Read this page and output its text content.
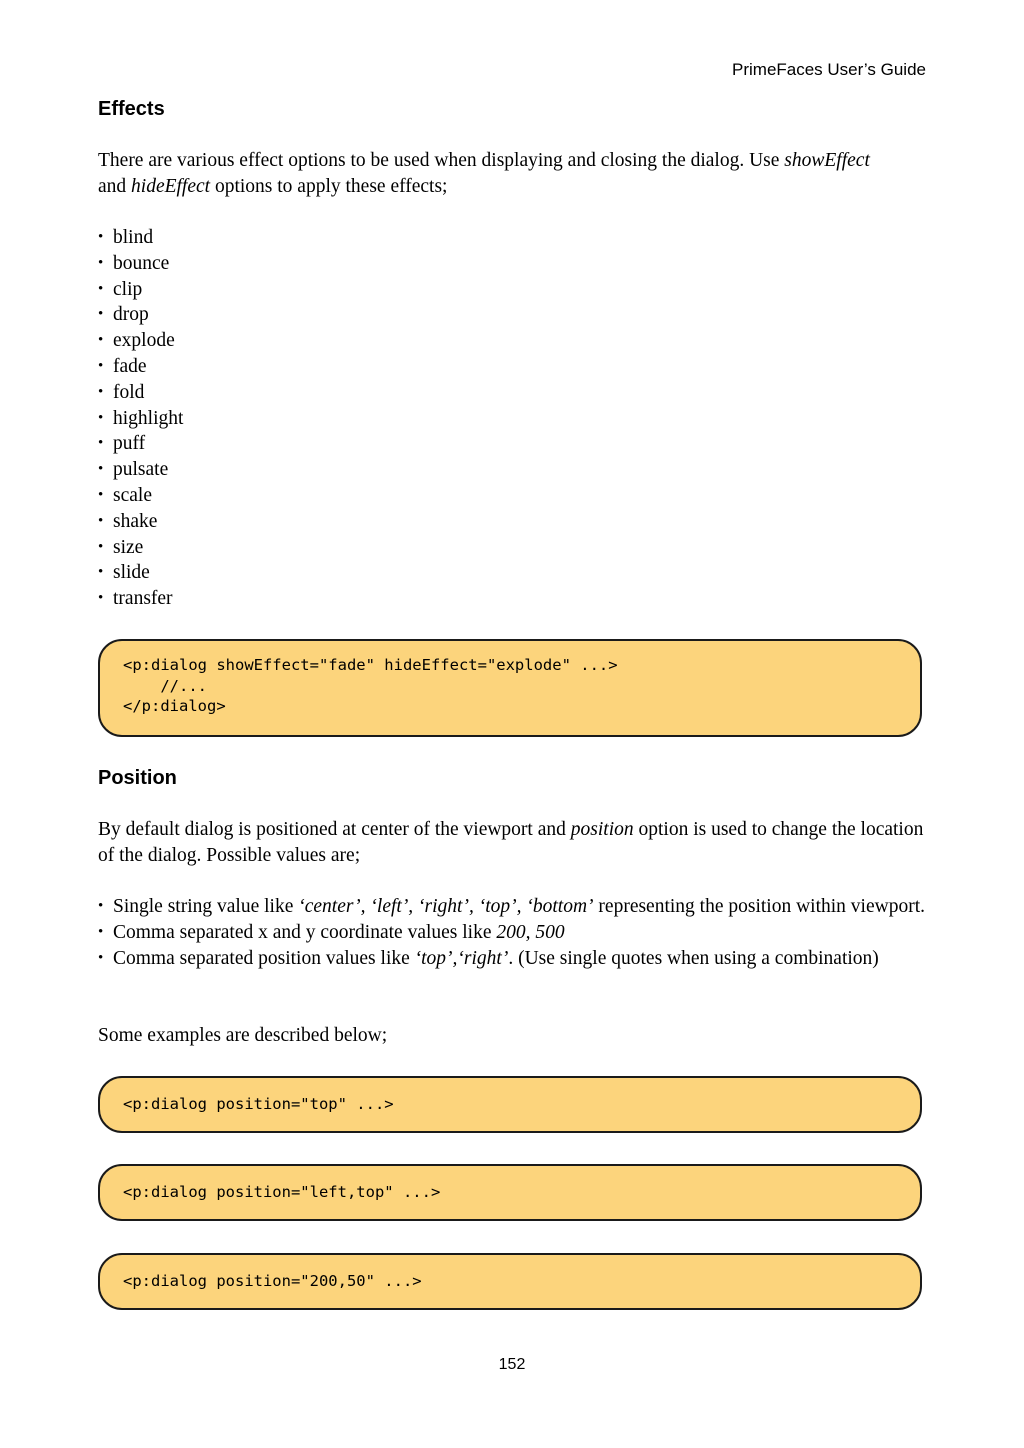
PrimeFaces User’s Guide
Effects
There are various effect options to be used when displaying and closing the dialog. Use showEffect
and hideEffect options to apply these effects;
• blind
• bounce
• clip
• drop
• explode
• fade
• fold
• highlight
• puff
• pulsate
• scale
• shake
• size
• slide
• transfer
<p:dialog showEffect="fade" hideEffect="explode" ...>
//...
</p:dialog>
Position
By default dialog is positioned at center of the viewport and position option is used to change the location of the dialog. Possible values are;
• Single string value like ‘center’, ‘left’, ‘right’, ‘top’, ‘bottom’ representing the position within viewport.
• Comma separated x and y coordinate values like 200, 500
• Comma separated position values like ‘top’,‘right’. (Use single quotes when using a combination)
Some examples are described below;
<p:dialog position="top" ...>
<p:dialog position="left,top" ...>
<p:dialog position="200,50" ...>
152
